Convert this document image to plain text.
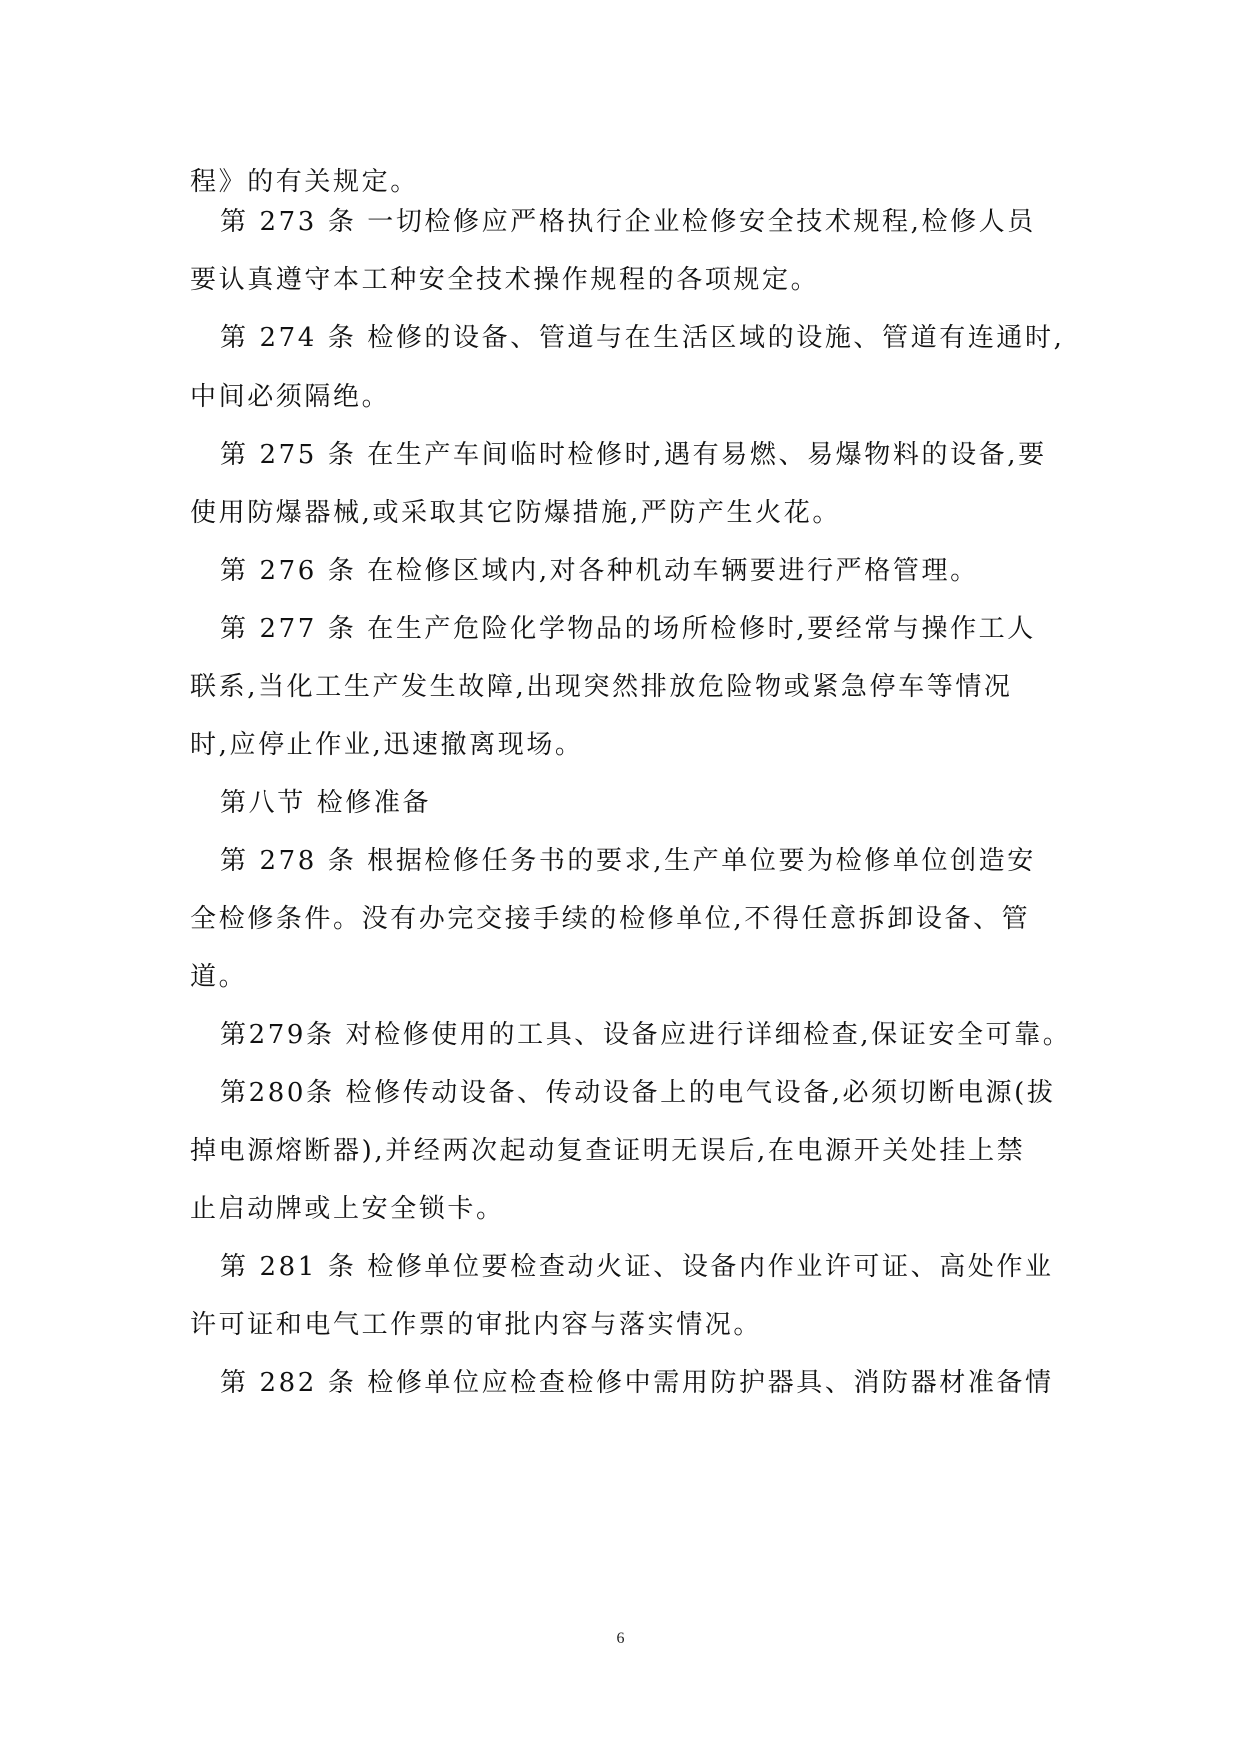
程》的有关规定。
第 273 条 一切检修应严格执行企业检修安全技术规程,检修人员
要认真遵守本工种安全技术操作规程的各项规定。
第 274 条 检修的设备、管道与在生活区域的设施、管道有连通时,
中间必须隔绝。
第 275 条 在生产车间临时检修时,遇有易燃、易爆物料的设备,要
使用防爆器械,或采取其它防爆措施,严防产生火花。
第 276 条 在检修区域内,对各种机动车辆要进行严格管理。
第 277 条 在生产危险化学物品的场所检修时,要经常与操作工人
联系,当化工生产发生故障,出现突然排放危险物或紧急停车等情况
时,应停止作业,迅速撤离现场。
第八节 检修准备
第 278 条 根据检修任务书的要求,生产单位要为检修单位创造安
全检修条件。没有办完交接手续的检修单位,不得任意拆卸设备、管
道。
第279条 对检修使用的工具、设备应进行详细检查,保证安全可靠。
第280条 检修传动设备、传动设备上的电气设备,必须切断电源(拔
掉电源熔断器),并经两次起动复查证明无误后,在电源开关处挂上禁
止启动牌或上安全锁卡。
第 281 条 检修单位要检查动火证、设备内作业许可证、高处作业
许可证和电气工作票的审批内容与落实情况。
第 282 条 检修单位应检查检修中需用防护器具、消防器材准备情
6
